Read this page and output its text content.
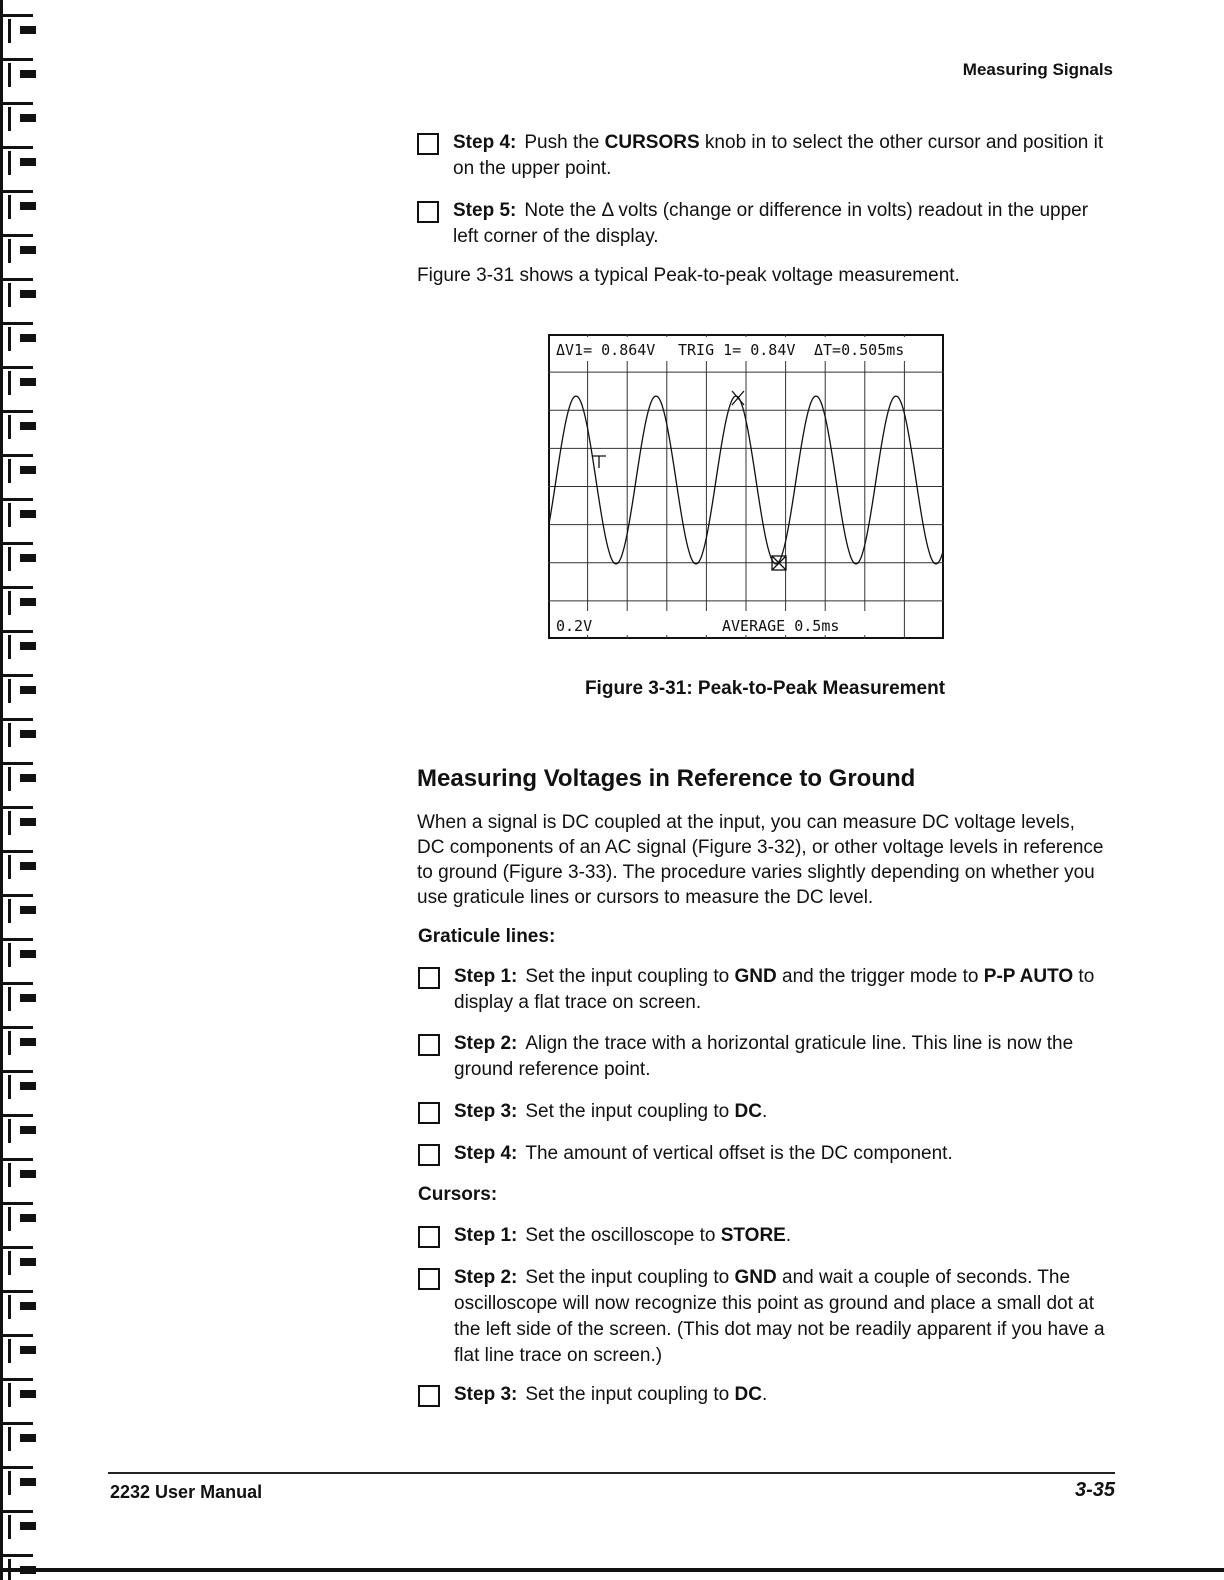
Measuring Signals
Step 4: Push the CURSORS knob in to select the other cursor and position it on the upper point.
Step 5: Note the Δ volts (change or difference in volts) readout in the upper left corner of the display.
Figure 3-31 shows a typical Peak-to-peak voltage measurement.
ΔV1= 0.864V TRIG 1= 0.84V ΔT=0.505ms
0.2V	AVERAGE 0.5ms
Figure 3-31: Peak-to-Peak Measurement
Measuring Voltages in Reference to Ground
When a signal is DC coupled at the input, you can measure DC voltage levels, DC components of an AC signal (Figure 3-32), or other voltage levels in reference to ground (Figure 3-33). The procedure varies slightly depending on whether you use graticule lines or cursors to measure the DC level.
Graticule lines:
Step 1: Set the input coupling to GND and the trigger mode to P-P AUTO to display a flat trace on screen.
Step 2: Align the trace with a horizontal graticule line. This line is now the ground reference point.
Step 3: Set the input coupling to DC.
Step 4: The amount of vertical offset is the DC component.
Cursors:
Step 1: Set the oscilloscope to STORE.
Step 2: Set the input coupling to GND and wait a couple of seconds. The oscilloscope will now recognize this point as ground and place a small dot at the left side of the screen. (This dot may not be readily apparent if you have a flat line trace on screen.)
Step 3: Set the input coupling to DC.
2232 User Manual	3-35
